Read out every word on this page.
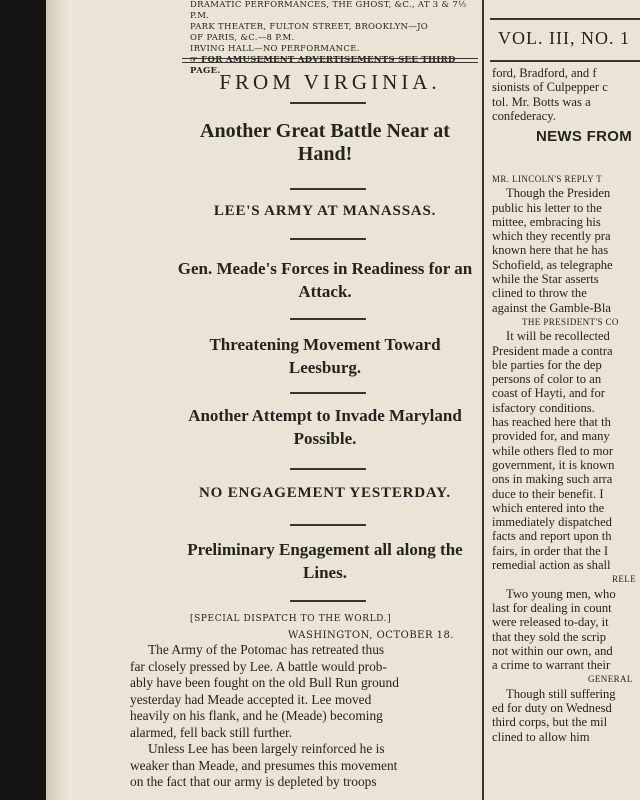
DRAMATIC PERFORMANCES, THE GHOST, &C., AT 3 & 7½ P.M.

PARK THEATER, FULTON STREET, BROOKLYN—JO

OF PARIS, &C.—8 P.M.

IRVING HALL—NO PERFORMANCE.

☞ FOR AMUSEMENT ADVERTISEMENTS SEE THIRD PAGE.

FROM VIRGINIA.
Another Great Battle Near at Hand!
LEE'S ARMY AT MANASSAS.
Gen. Meade's Forces in Readiness for an Attack.
Threatening Movement Toward Leesburg.
Another Attempt to Invade Maryland Possible.
NO ENGAGEMENT YESTERDAY.
Preliminary Engagement all along the Lines.
[SPECIAL DISPATCH TO THE WORLD.]
WASHINGTON, OCTOBER 18.
The Army of the Potomac has retreated thus
far closely pressed by Lee. A battle would prob-
ably have been fought on the old Bull Run ground
yesterday had Meade accepted it. Lee moved
heavily on his flank, and he (Meade) becoming
alarmed, fell back still further.
Unless Lee has been largely reinforced he is
weaker than Meade, and presumes this movement
on the fact that our army is depleted by troops
VOL. III, NO. 1

ford, Bradford, and f

sionists of Culpepper c

tol. Mr. Botts was a

confederacy.

NEWS FROM

MR. LINCOLN'S REPLY T

Though the Presiden

public his letter to the

mittee, embracing his

which they recently pra

known here that he has

Schofield, as telegraphe

while the Star asserts

clined to throw the

against the Gamble-Bla

THE PRESIDENT'S CO

It will be recollected

President made a contra

ble parties for the dep

persons of color to an

coast of Hayti, and for

isfactory conditions.

has reached here that th

provided for, and many

while others fled to mor

government, it is known

ons in making such arra

duce to their benefit. I

which entered into the

immediately dispatched

facts and report upon th

fairs, in order that the I

remedial action as shall

RELE

Two young men, who

last for dealing in count

were released to-day, it

that they sold the scrip

not within our own, and

a crime to warrant their

GENERAL

Though still suffering

ed for duty on Wednesd

third corps, but the mil

clined to allow him
